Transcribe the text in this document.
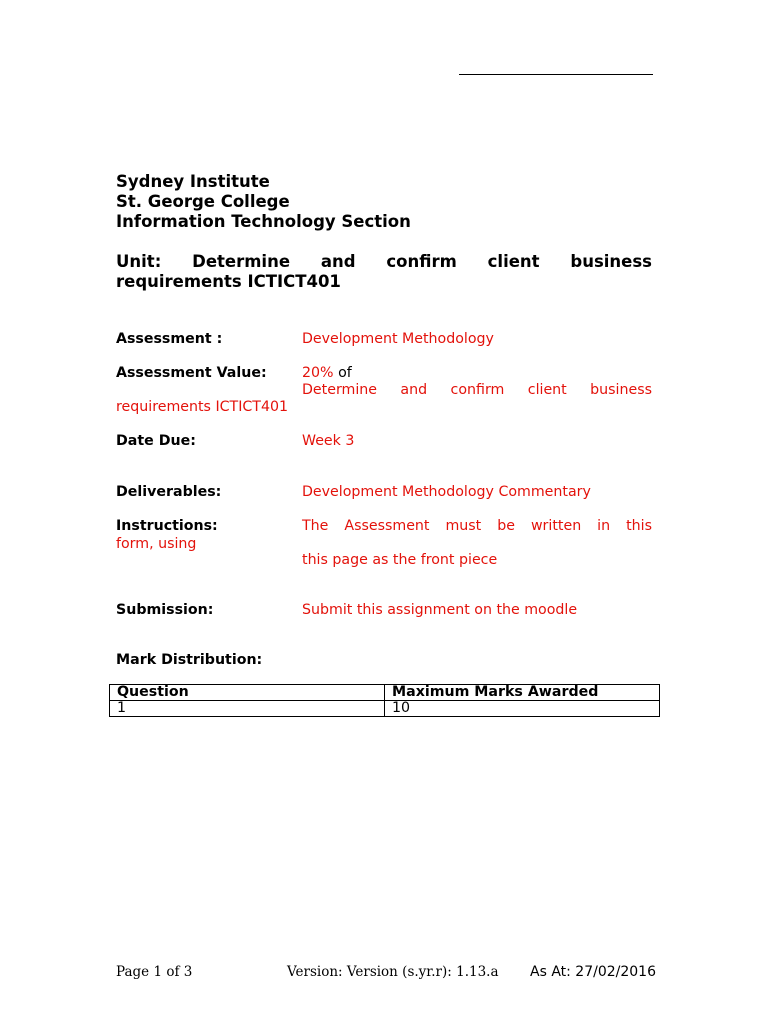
Sydney Institute
St. George College
Information Technology Section
Unit: Determine and confirm client business
requirements ICTICT401
Assessment :	Development Methodology
Assessment Value: 20% of
Determine and confirm client business
requirements ICTICT401
Date Due:	Week 3
Deliverables:	Development Methodology Commentary
Instructions:	The Assessment must be written in this
form, using
this page as the front piece
Submission:	Submit this assignment on the moodle
Mark Distribution:
Question	Maximum Marks Awarded
1	10
Page 1 of 3	Version: Version (s.yr.r): 1.13.a As At: 27/02/2016
